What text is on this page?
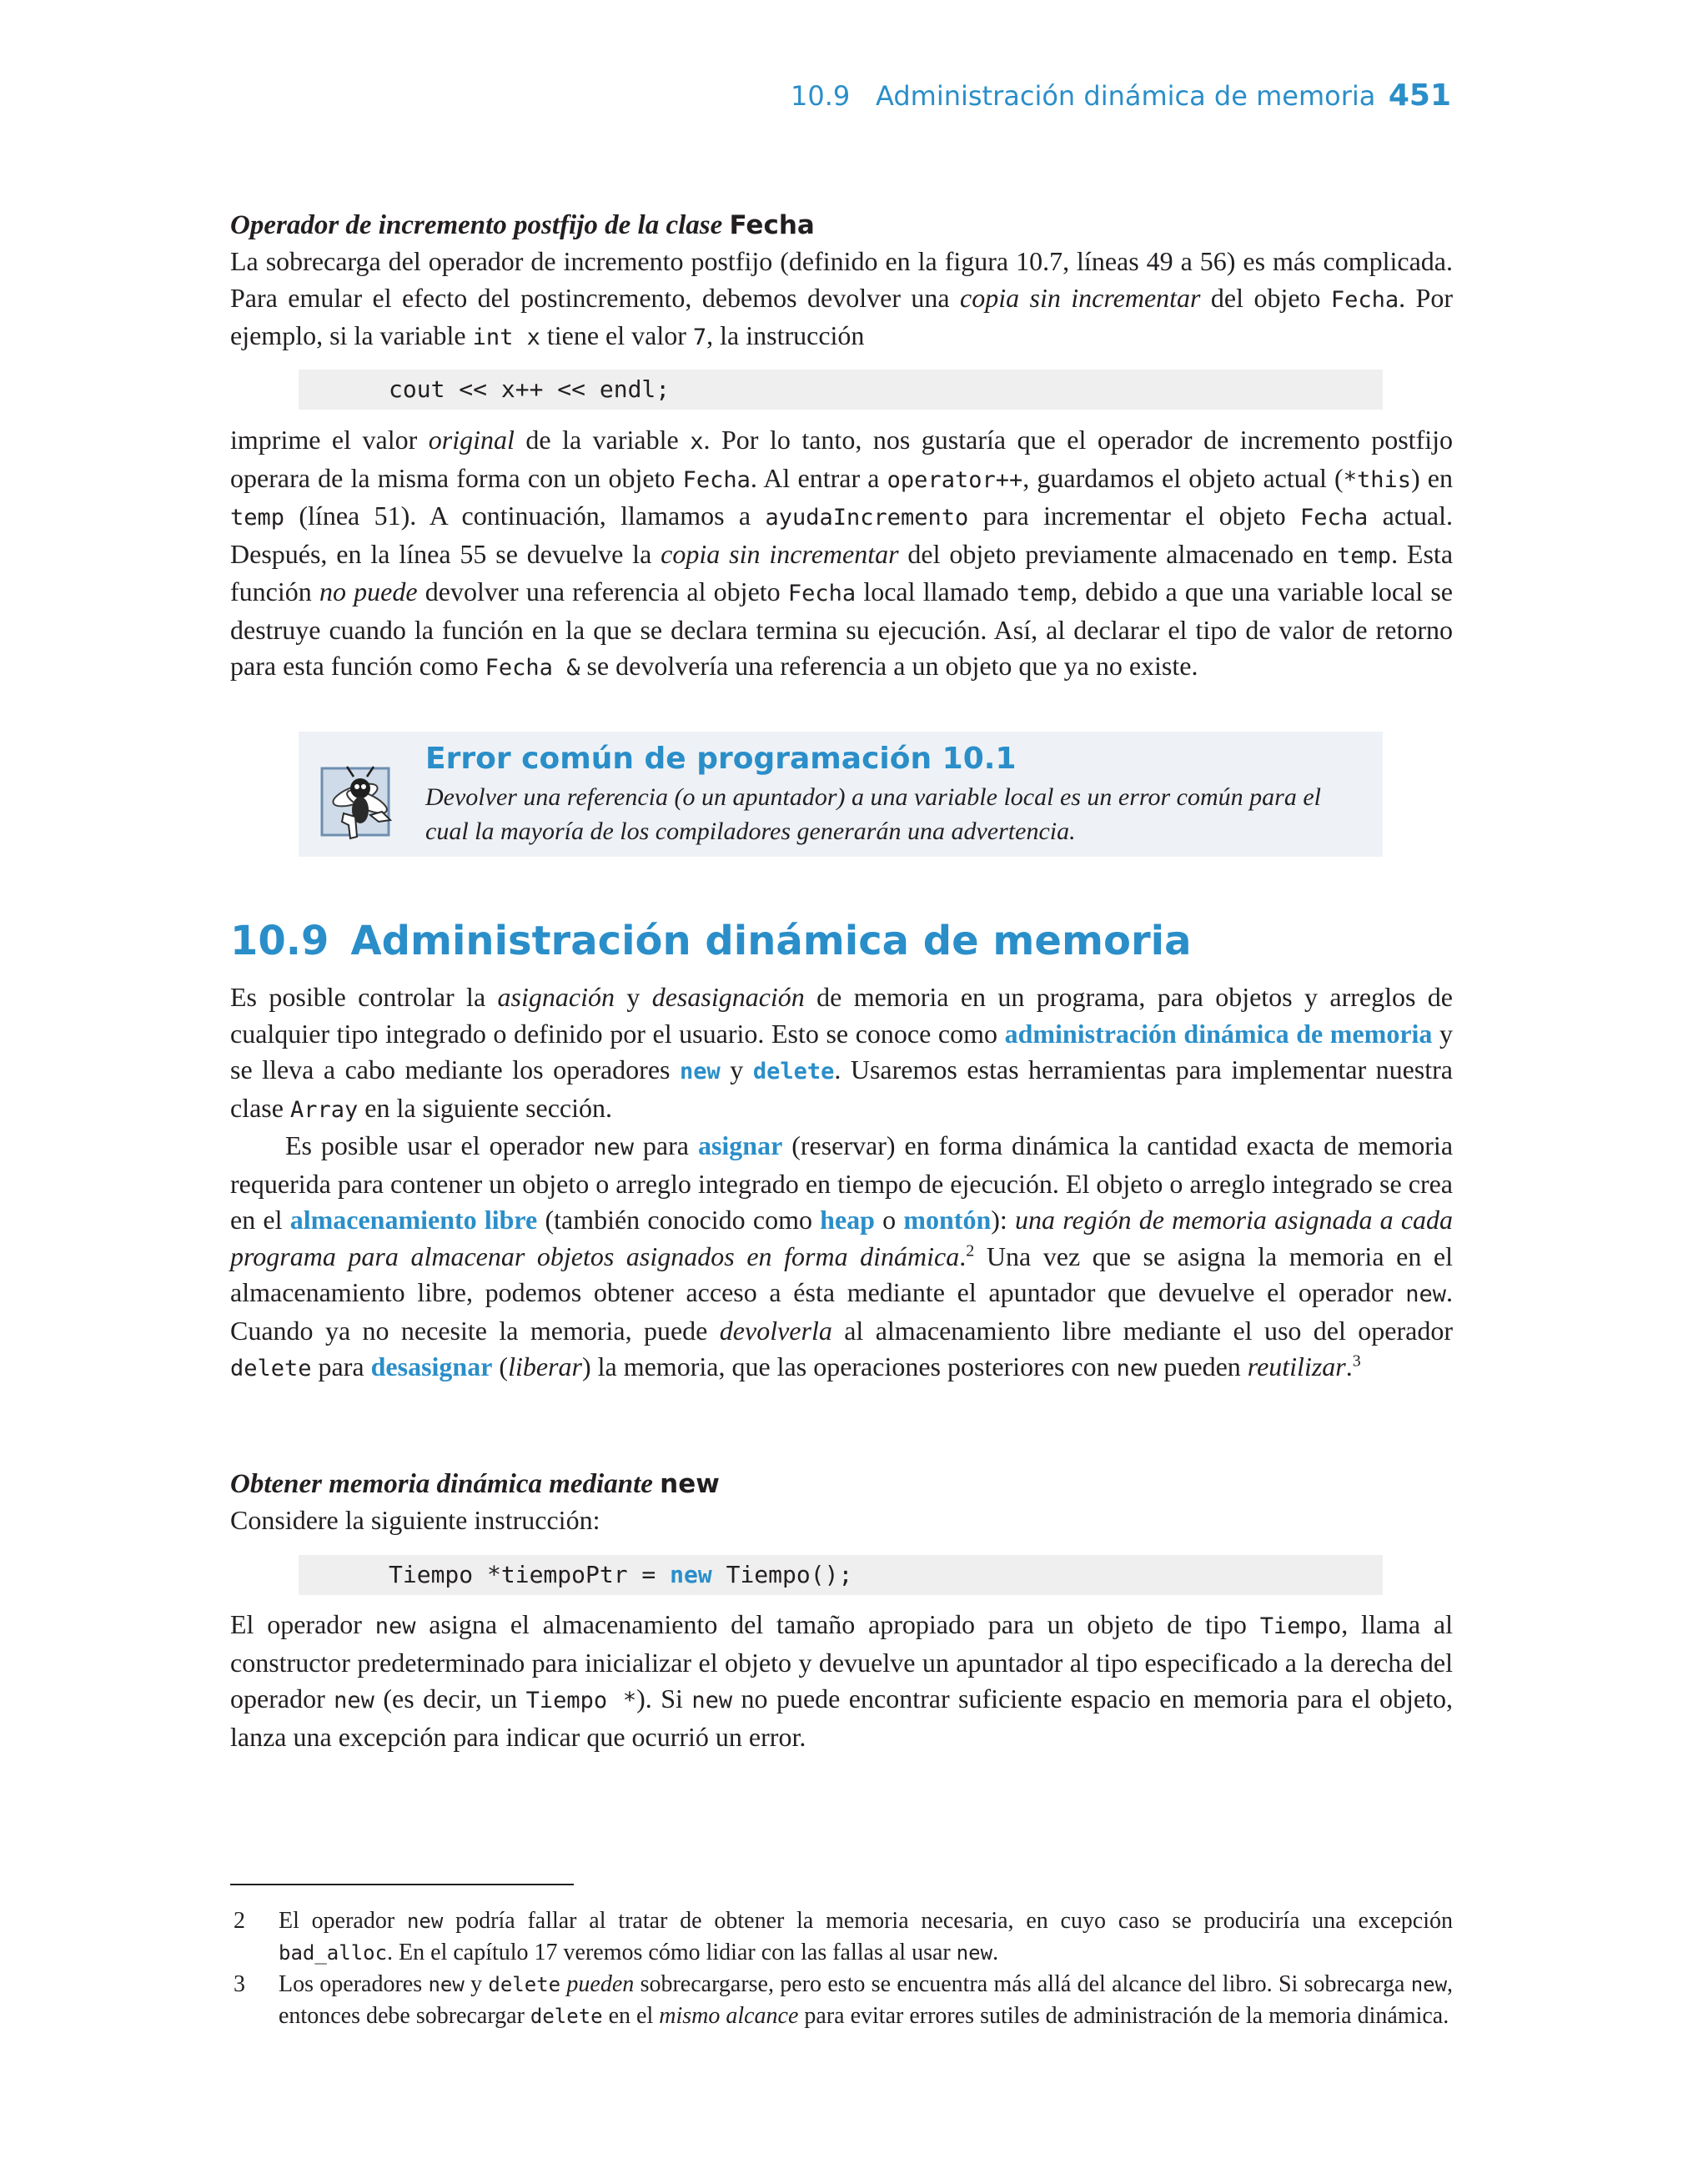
10.9 Administración dinámica de memoria 451
Operador de incremento postfijo de la clase Fecha

La sobrecarga del operador de incremento postfijo (definido en la figura 10.7, líneas 49 a 56) es más complicada. Para emular el efecto del postincremento, debemos devolver una copia sin incrementar del objeto Fecha. Por ejemplo, si la variable int x tiene el valor 7, la instrucción

cout << x++ << endl;

imprime el valor original de la variable x. Por lo tanto, nos gustaría que el operador de incremento postfijo operara de la misma forma con un objeto Fecha. Al entrar a operator++, guardamos el objeto actual (*this) en temp (línea 51). A continuación, llamamos a ayudaIncremento para incrementar el objeto Fecha actual. Después, en la línea 55 se devuelve la copia sin incrementar del objeto previamente almacenado en temp. Esta función no puede devolver una referencia al objeto Fecha local llamado temp, debido a que una variable local se destruye cuando la función en la que se declara termina su ejecución. Así, al declarar el tipo de valor de retorno para esta función como Fecha & se devolvería una referencia a un objeto que ya no existe.

Error común de programación 10.1
Devolver una referencia (o un apuntador) a una variable local es un error común para el cual la mayoría de los compiladores generarán una advertencia.
10.9 Administración dinámica de memoria

Es posible controlar la asignación y desasignación de memoria en un programa, para objetos y arreglos de cualquier tipo integrado o definido por el usuario. Esto se conoce como administración dinámica de memoria y se lleva a cabo mediante los operadores new y delete. Usaremos estas herramientas para implementar nuestra clase Array en la siguiente sección.

Es posible usar el operador new para asignar (reservar) en forma dinámica la cantidad exacta de memoria requerida para contener un objeto o arreglo integrado en tiempo de ejecución. El objeto o arreglo integrado se crea en el almacenamiento libre (también conocido como heap o montón): una región de memoria asignada a cada programa para almacenar objetos asignados en forma dinámica.$^2$ Una vez que se asigna la memoria en el almacenamiento libre, podemos obtener acceso a ésta mediante el apuntador que devuelve el operador new. Cuando ya no necesite la memoria, puede devolverla al almacenamiento libre mediante el uso del operador delete para desasignar (liberar) la memoria, que las operaciones posteriores con new pueden reutilizar.$^3$

Obtener memoria dinámica mediante new

Considere la siguiente instrucción:

Tiempo *tiempoPtr = new Tiempo();

El operador new asigna el almacenamiento del tamaño apropiado para un objeto de tipo Tiempo, llama al constructor predeterminado para inicializar el objeto y devuelve un apuntador al tipo especificado a la derecha del operador new (es decir, un Tiempo *). Si new no puede encontrar suficiente espacio en memoria para el objeto, lanza una excepción para indicar que ocurrió un error.

2 El operador new podría fallar al tratar de obtener la memoria necesaria, en cuyo caso se produciría una excepción bad_alloc. En el capítulo 17 veremos cómo lidiar con las fallas al usar new.

3 Los operadores new y delete pueden sobrecargarse, pero esto se encuentra más allá del alcance del libro. Si sobrecarga new, entonces debe sobrecargar delete en el mismo alcance para evitar errores sutiles de administración de la memoria dinámica.
